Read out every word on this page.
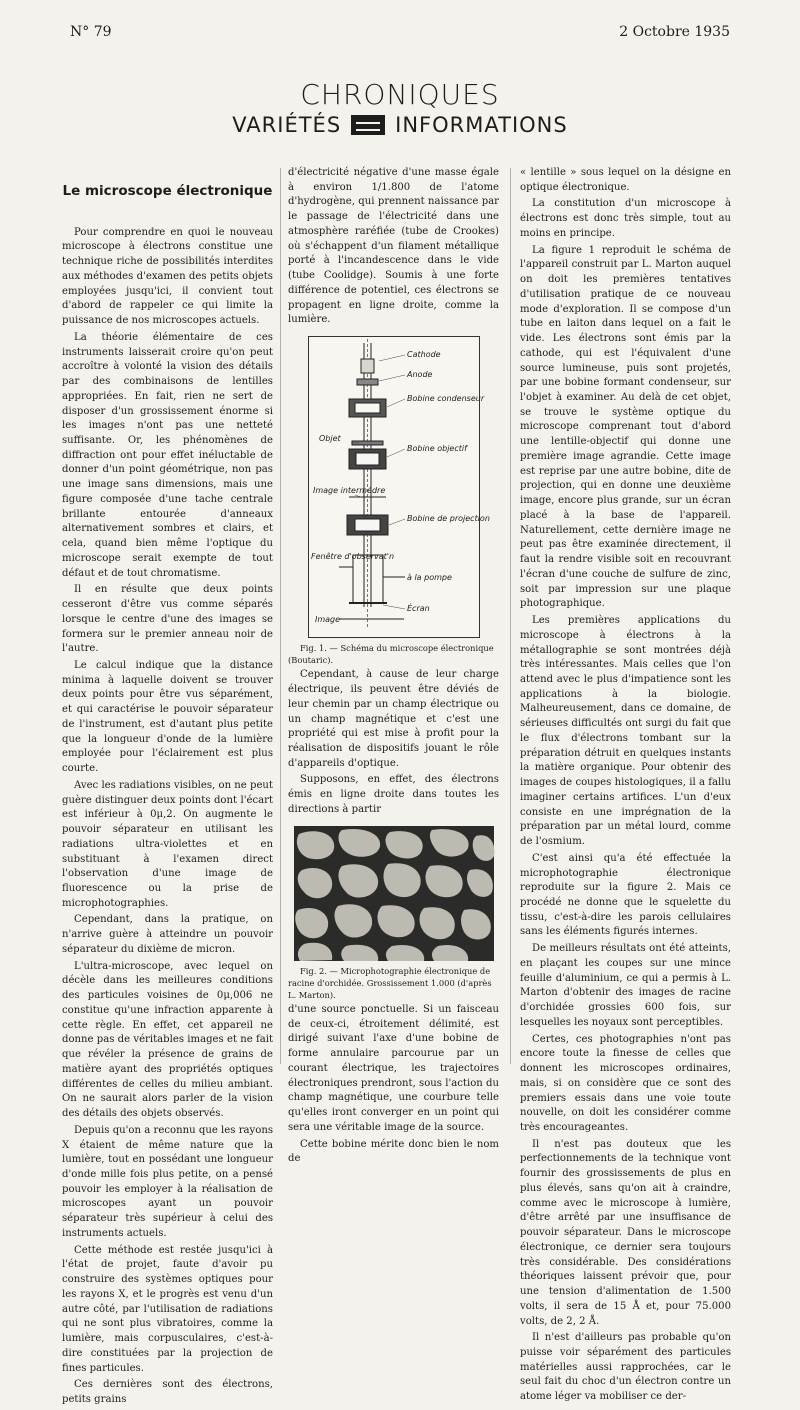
N° 79	2 Octobre 1935
CHRONIQUES
VARIÉTÉS	INFORMATIONS
Le microscope électronique

Pour comprendre en quoi le nouveau microscope à électrons constitue une technique riche de possibilités interdites aux méthodes d'examen des petits objets employées jusqu'ici, il convient tout d'abord de rappeler ce qui limite la puissance de nos microscopes actuels.

La théorie élémentaire de ces instruments laisserait croire qu'on peut accroître à volonté la vision des détails par des combinaisons de lentilles appropriées. En fait, rien ne sert de disposer d'un grossissement énorme si les images n'ont pas une netteté suffisante. Or, les phénomènes de diffraction ont pour effet inéluctable de donner d'un point géométrique, non pas une image sans dimensions, mais une figure composée d'une tache centrale brillante entourée d'anneaux alternativement sombres et clairs, et cela, quand bien même l'optique du microscope serait exempte de tout défaut et de tout chromatisme.

Il en résulte que deux points cesseront d'être vus comme séparés lorsque le centre d'une des images se formera sur le premier anneau noir de l'autre.

Le calcul indique que la distance minima à laquelle doivent se trouver deux points pour être vus séparément, et qui caractérise le pouvoir séparateur de l'instrument, est d'autant plus petite que la longueur d'onde de la lumière employée pour l'éclairement est plus courte.

Avec les radiations visibles, on ne peut guère distinguer deux points dont l'écart est inférieur à 0μ,2. On augmente le pouvoir séparateur en utilisant les radiations ultra-violettes et en substituant à l'examen direct l'observation d'une image de fluorescence ou la prise de microphotographies.

Cependant, dans la pratique, on n'arrive guère à atteindre un pouvoir séparateur du dixième de micron.

L'ultra-microscope, avec lequel on décèle dans les meilleures conditions des particules voisines de 0μ,006 ne constitue qu'une infraction apparente à cette règle. En effet, cet appareil ne donne pas de véritables images et ne fait que révéler la présence de grains de matière ayant des propriétés optiques différentes de celles du milieu ambiant. On ne saurait alors parler de la vision des détails des objets observés.

Depuis qu'on a reconnu que les rayons X étaient de même nature que la lumière, tout en possédant une longueur d'onde mille fois plus petite, on a pensé pouvoir les employer à la réalisation de microscopes ayant un pouvoir séparateur très supérieur à celui des instruments actuels.

Cette méthode est restée jusqu'ici à l'état de projet, faute d'avoir pu construire des systèmes optiques pour les rayons X, et le progrès est venu d'un autre côté, par l'utilisation de radiations qui ne sont plus vibratoires, comme la lumière, mais corpusculaires, c'est-à-dire constituées par la projection de fines particules.

Ces dernières sont des électrons, petits grains

d'électricité négative d'une masse égale à environ 1/1.800 de l'atome d'hydrogène, qui prennent naissance par le passage de l'électricité dans une atmosphère raréfiée (tube de Crookes) où s'échappent d'un filament métallique porté à l'incandescence dans le vide (tube Coolidge). Soumis à une forte différence de potentiel, ces électrons se propagent en ligne droite, comme la lumière.

Cathode
Anode
Bobine condenseur
Objet
Bobine objectif
Image intermédre
Bobine de projection
Fenêtre d'observat'n
à la pompe
Écran
Image

Fig. 1. — Schéma du microscope électronique (Boutaric).

Cependant, à cause de leur charge électrique, ils peuvent être déviés de leur chemin par un champ électrique ou un champ magnétique et c'est une propriété qui est mise à profit pour la réalisation de dispositifs jouant le rôle d'appareils d'optique.

Supposons, en effet, des électrons émis en ligne droite dans toutes les directions à partir

Fig. 2. — Microphotographie électronique de racine d'orchidée. Grossissement 1.000 (d'après L. Marton).

d'une source ponctuelle. Si un faisceau de ceux-ci, étroitement délimité, est dirigé suivant l'axe d'une bobine de forme annulaire parcourue par un courant électrique, les trajectoires électroniques prendront, sous l'action du champ magnétique, une courbure telle qu'elles iront converger en un point qui sera une véritable image de la source.

Cette bobine mérite donc bien le nom de

« lentille » sous lequel on la désigne en optique électronique.

La constitution d'un microscope à électrons est donc très simple, tout au moins en principe.

La figure 1 reproduit le schéma de l'appareil construit par L. Marton auquel on doit les premières tentatives d'utilisation pratique de ce nouveau mode d'exploration. Il se compose d'un tube en laiton dans lequel on a fait le vide. Les électrons sont émis par la cathode, qui est l'équivalent d'une source lumineuse, puis sont projetés, par une bobine formant condenseur, sur l'objet à examiner. Au delà de cet objet, se trouve le système optique du microscope comprenant tout d'abord une lentille-objectif qui donne une première image agrandie. Cette image est reprise par une autre bobine, dite de projection, qui en donne une deuxième image, encore plus grande, sur un écran placé à la base de l'appareil. Naturellement, cette dernière image ne peut pas être examinée directement, il faut la rendre visible soit en recouvrant l'écran d'une couche de sulfure de zinc, soit par impression sur une plaque photographique.

Les premières applications du microscope à électrons à la métallographie se sont montrées déjà très intéressantes. Mais celles que l'on attend avec le plus d'impatience sont les applications à la biologie. Malheureusement, dans ce domaine, de sérieuses difficultés ont surgi du fait que le flux d'électrons tombant sur la préparation détruit en quelques instants la matière organique. Pour obtenir des images de coupes histologiques, il a fallu imaginer certains artifices. L'un d'eux consiste en une imprégnation de la préparation par un métal lourd, comme de l'osmium.

C'est ainsi qu'a été effectuée la microphotographie électronique reproduite sur la figure 2. Mais ce procédé ne donne que le squelette du tissu, c'est-à-dire les parois cellulaires sans les éléments figurés internes.

De meilleurs résultats ont été atteints, en plaçant les coupes sur une mince feuille d'aluminium, ce qui a permis à L. Marton d'obtenir des images de racine d'orchidée grossies 600 fois, sur lesquelles les noyaux sont perceptibles.

Certes, ces photographies n'ont pas encore toute la finesse de celles que donnent les microscopes ordinaires, mais, si on considère que ce sont des premiers essais dans une voie toute nouvelle, on doit les considérer comme très encourageantes.

Il n'est pas douteux que les perfectionnements de la technique vont fournir des grossissements de plus en plus élevés, sans qu'on ait à craindre, comme avec le microscope à lumière, d'être arrêté par une insuffisance de pouvoir séparateur. Dans le microscope électronique, ce dernier sera toujours très considérable. Des considérations théoriques laissent prévoir que, pour une tension d'alimentation de 1.500 volts, il sera de 15 Å et, pour 75.000 volts, de 2, 2 Å.

Il n'est d'ailleurs pas probable qu'on puisse voir séparément des particules matérielles aussi rapprochées, car le seul fait du choc d'un électron contre un atome léger va mobiliser ce der-
